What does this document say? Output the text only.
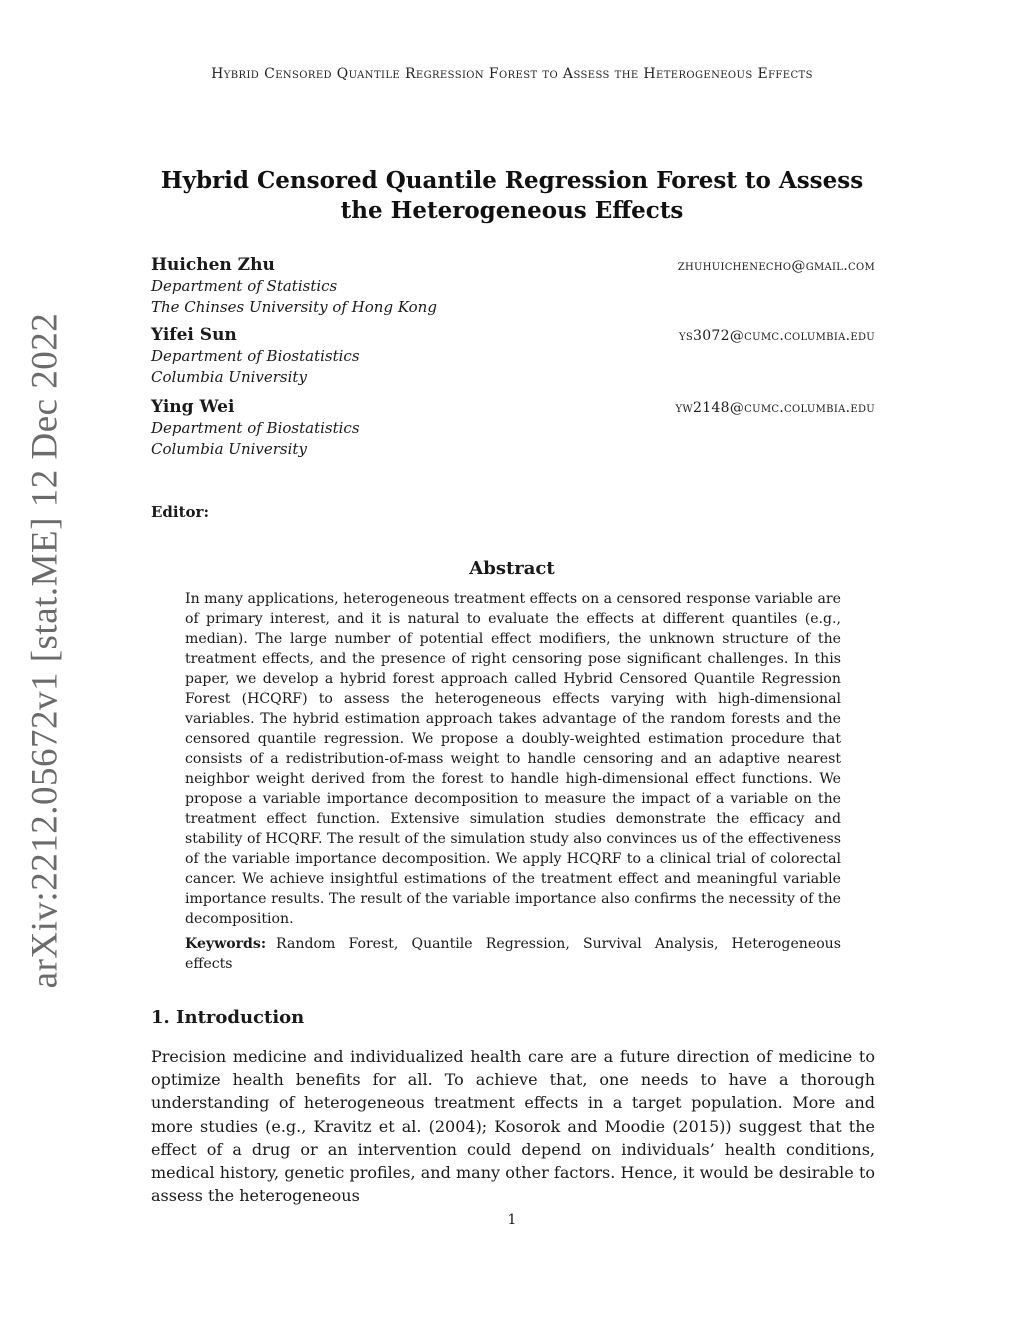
Hybrid Censored Quantile Regression Forest to Assess the Heterogeneous Effects
arXiv:2212.05672v1 [stat.ME] 12 Dec 2022
Hybrid Censored Quantile Regression Forest to Assess the Heterogeneous Effects
Huichen Zhu	zhuhuichenecho@gmail.com
Department of Statistics
The Chinses University of Hong Kong
Yifei Sun	ys3072@cumc.columbia.edu
Department of Biostatistics
Columbia University
Ying Wei	yw2148@cumc.columbia.edu
Department of Biostatistics
Columbia University
Editor:
Abstract
In many applications, heterogeneous treatment effects on a censored response variable are of primary interest, and it is natural to evaluate the effects at different quantiles (e.g., median). The large number of potential effect modifiers, the unknown structure of the treatment effects, and the presence of right censoring pose significant challenges. In this paper, we develop a hybrid forest approach called Hybrid Censored Quantile Regression Forest (HCQRF) to assess the heterogeneous effects varying with high-dimensional variables. The hybrid estimation approach takes advantage of the random forests and the censored quantile regression. We propose a doubly-weighted estimation procedure that consists of a redistribution-of-mass weight to handle censoring and an adaptive nearest neighbor weight derived from the forest to handle high-dimensional effect functions. We propose a variable importance decomposition to measure the impact of a variable on the treatment effect function. Extensive simulation studies demonstrate the efficacy and stability of HCQRF. The result of the simulation study also convinces us of the effectiveness of the variable importance decomposition. We apply HCQRF to a clinical trial of colorectal cancer. We achieve insightful estimations of the treatment effect and meaningful variable importance results. The result of the variable importance also confirms the necessity of the decomposition.
Keywords: Random Forest, Quantile Regression, Survival Analysis, Heterogeneous effects
1. Introduction
Precision medicine and individualized health care are a future direction of medicine to optimize health benefits for all. To achieve that, one needs to have a thorough understanding of heterogeneous treatment effects in a target population. More and more studies (e.g., Kravitz et al. (2004); Kosorok and Moodie (2015)) suggest that the effect of a drug or an intervention could depend on individuals’ health conditions, medical history, genetic profiles, and many other factors. Hence, it would be desirable to assess the heterogeneous
1
